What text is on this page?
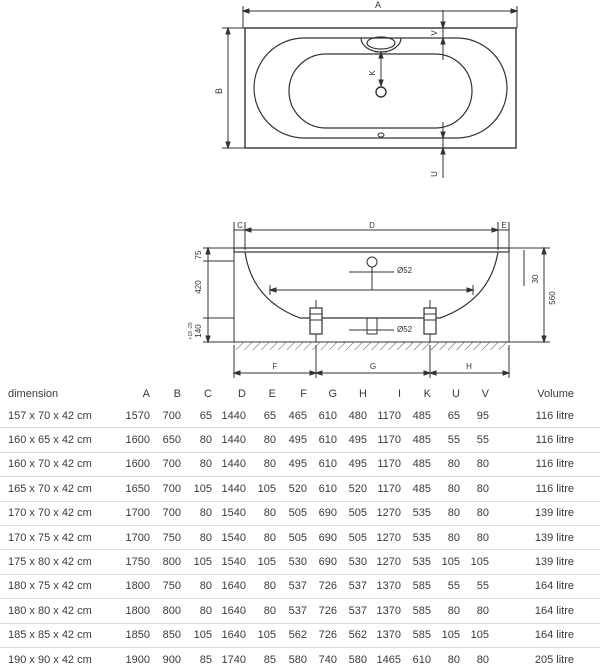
A
B
V
K
U
C	D	E
I
Ø52
Ø52
F	G	H
75
420
140
+18 -20
30
560
dimension	A	B	C	D	E	F	G	H	I	K	U	V	Volume
157 x 70 x 42 cm	1570	700	65	1440	65	465	610	480	1170	485	65	95	116 litre
160 x 65 x 42 cm	1600	650	80	1440	80	495	610	495	1170	485	55	55	116 litre
160 x 70 x 42 cm	1600	700	80	1440	80	495	610	495	1170	485	80	80	116 litre
165 x 70 x 42 cm	1650	700	105	1440	105	520	610	520	1170	485	80	80	116 litre
170 x 70 x 42 cm	1700	700	80	1540	80	505	690	505	1270	535	80	80	139 litre
170 x 75 x 42 cm	1700	750	80	1540	80	505	690	505	1270	535	80	80	139 litre
175 x 80 x 42 cm	1750	800	105	1540	105	530	690	530	1270	535	105	105	139 litre
180 x 75 x 42 cm	1800	750	80	1640	80	537	726	537	1370	585	55	55	164 litre
180 x 80 x 42 cm	1800	800	80	1640	80	537	726	537	1370	585	80	80	164 litre
185 x 85 x 42 cm	1850	850	105	1640	105	562	726	562	1370	585	105	105	164 litre
190 x 90 x 42 cm	1900	900	85	1740	85	580	740	580	1465	610	80	80	205 litre
